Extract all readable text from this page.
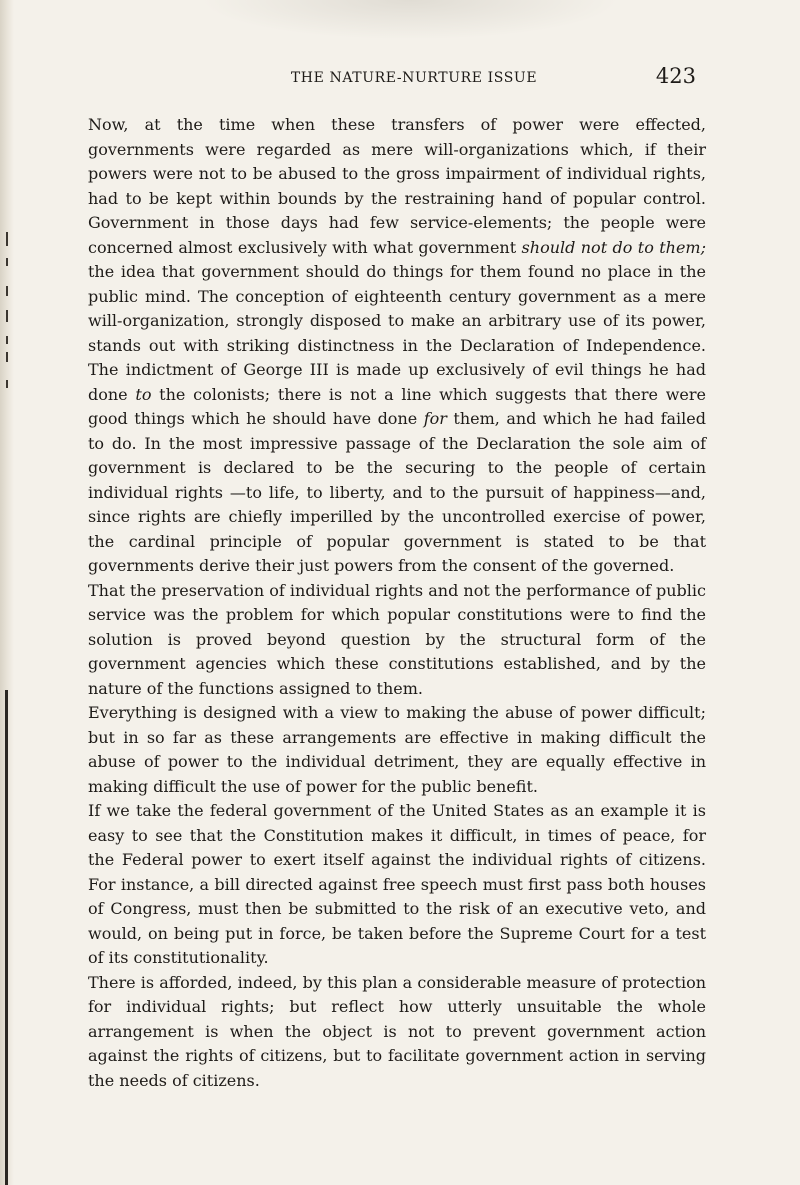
THE NATURE-NURTURE ISSUE	423

Now, at the time when these transfers of power were effected, governments were regarded as mere will-organizations which, if their powers were not to be abused to the gross impairment of individual rights, had to be kept within bounds by the restraining hand of popular control. Government in those days had few service-elements; the people were concerned almost exclusively with what government should not do to them; the idea that government should do things for them found no place in the public mind. The conception of eighteenth century government as a mere will-organization, strongly disposed to make an arbitrary use of its power, stands out with striking distinctness in the Declaration of Independence. The indictment of George III is made up exclusively of evil things he had done to the colonists; there is not a line which suggests that there were good things which he should have done for them, and which he had failed to do. In the most impressive passage of the Declaration the sole aim of government is declared to be the securing to the people of certain individual rights —to life, to liberty, and to the pursuit of happiness—and, since rights are chiefly imperilled by the uncontrolled exercise of power, the cardinal principle of popular government is stated to be that governments derive their just powers from the consent of the governed.

That the preservation of individual rights and not the performance of public service was the problem for which popular constitutions were to find the solution is proved beyond question by the structural form of the government agencies which these constitutions established, and by the nature of the functions assigned to them.

Everything is designed with a view to making the abuse of power difficult; but in so far as these arrangements are effective in making difficult the abuse of power to the individual detriment, they are equally effective in making difficult the use of power for the public benefit.

If we take the federal government of the United States as an example it is easy to see that the Constitution makes it difficult, in times of peace, for the Federal power to exert itself against the individual rights of citizens. For instance, a bill directed against free speech must first pass both houses of Congress, must then be submitted to the risk of an executive veto, and would, on being put in force, be taken before the Supreme Court for a test of its constitutionality.

There is afforded, indeed, by this plan a considerable measure of protection for individual rights; but reflect how utterly unsuitable the whole arrangement is when the object is not to prevent government action against the rights of citizens, but to facilitate government action in serving the needs of citizens.
